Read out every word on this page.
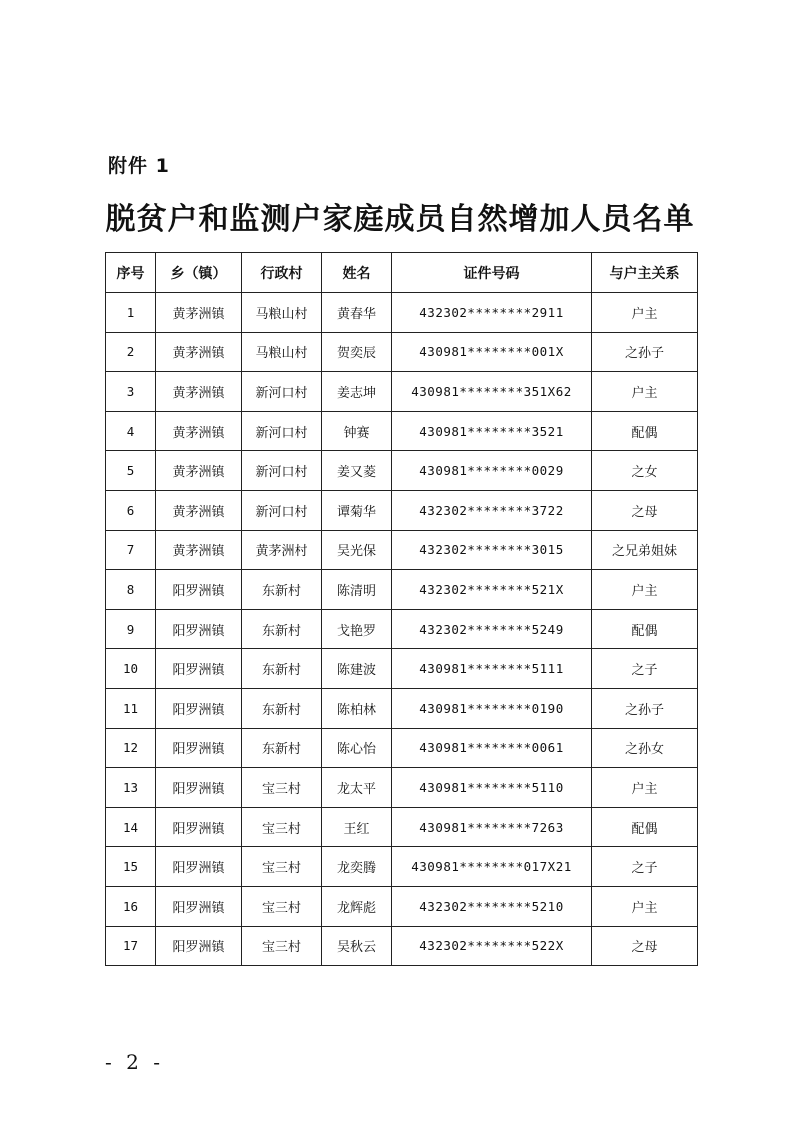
附件 1
脱贫户和监测户家庭成员自然增加人员名单
序号	乡（镇）	行政村	姓名	证件号码	与户主关系
1	黄茅洲镇	马粮山村	黄春华	432302********2911	户主
2	黄茅洲镇	马粮山村	贺奕辰	430981********001X	之孙子
3	黄茅洲镇	新河口村	姜志坤	430981********351X62	户主
4	黄茅洲镇	新河口村	钟赛	430981********3521	配偶
5	黄茅洲镇	新河口村	姜又菱	430981********0029	之女
6	黄茅洲镇	新河口村	谭菊华	432302********3722	之母
7	黄茅洲镇	黄茅洲村	吴光保	432302********3015	之兄弟姐妹
8	阳罗洲镇	东新村	陈清明	432302********521X	户主
9	阳罗洲镇	东新村	戈艳罗	432302********5249	配偶
10	阳罗洲镇	东新村	陈建波	430981********5111	之子
11	阳罗洲镇	东新村	陈柏林	430981********0190	之孙子
12	阳罗洲镇	东新村	陈心怡	430981********0061	之孙女
13	阳罗洲镇	宝三村	龙太平	430981********5110	户主
14	阳罗洲镇	宝三村	王红	430981********7263	配偶
15	阳罗洲镇	宝三村	龙奕腾	430981********017X21	之子
16	阳罗洲镇	宝三村	龙辉彪	432302********5210	户主
17	阳罗洲镇	宝三村	吴秋云	432302********522X	之母
- 2 -
